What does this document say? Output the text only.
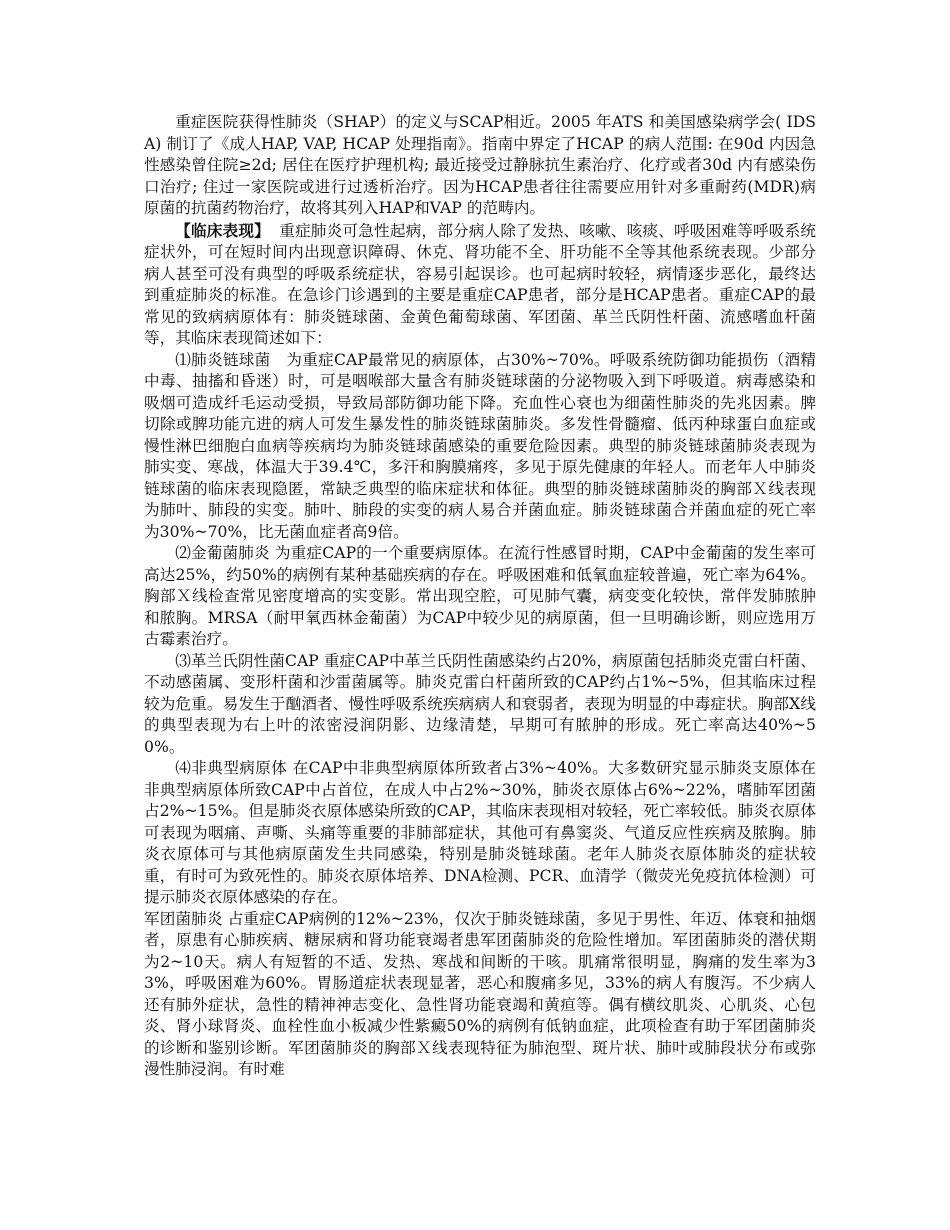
重症医院获得性肺炎（SHAP）的定义与SCAP相近。2005 年ATS 和美国感染病学会( IDSA) 制订了《成人HAP, VAP, HCAP 处理指南》。指南中界定了HCAP 的病人范围: 在90d 内因急性感染曾住院≥2d; 居住在医疗护理机构; 最近接受过静脉抗生素治疗、化疗或者30d 内有感染伤口治疗; 住过一家医院或进行过透析治疗。因为HCAP患者往往需要应用针对多重耐药(MDR)病原菌的抗菌药物治疗，故将其列入HAP和VAP 的范畴内。

【临床表现】 重症肺炎可急性起病，部分病人除了发热、咳嗽、咳痰、呼吸困难等呼吸系统症状外，可在短时间内出现意识障碍、休克、肾功能不全、肝功能不全等其他系统表现。少部分病人甚至可没有典型的呼吸系统症状，容易引起误诊。也可起病时较轻，病情逐步恶化，最终达到重症肺炎的标准。在急诊门诊遇到的主要是重症CAP患者，部分是HCAP患者。重症CAP的最常见的致病病原体有：肺炎链球菌、金黄色葡萄球菌、军团菌、革兰氏阴性杆菌、流感嗜血杆菌等，其临床表现简述如下：

⑴肺炎链球菌　为重症CAP最常见的病原体，占30%~70%。呼吸系统防御功能损伤（酒精中毒、抽搐和昏迷）时，可是咽喉部大量含有肺炎链球菌的分泌物吸入到下呼吸道。病毒感染和吸烟可造成纤毛运动受损，导致局部防御功能下降。充血性心衰也为细菌性肺炎的先兆因素。脾切除或脾功能亢进的病人可发生暴发性的肺炎链球菌肺炎。多发性骨髓瘤、低丙种球蛋白血症或慢性淋巴细胞白血病等疾病均为肺炎链球菌感染的重要危险因素。典型的肺炎链球菌肺炎表现为肺实变、寒战，体温大于39.4℃，多汗和胸膜痛疼，多见于原先健康的年轻人。而老年人中肺炎链球菌的临床表现隐匿，常缺乏典型的临床症状和体征。典型的肺炎链球菌肺炎的胸部Ｘ线表现为肺叶、肺段的实变。肺叶、肺段的实变的病人易合并菌血症。肺炎链球菌合并菌血症的死亡率为30%~70%，比无菌血症者高9倍。

⑵金葡菌肺炎 为重症CAP的一个重要病原体。在流行性感冒时期，CAP中金葡菌的发生率可高达25%，约50%的病例有某种基础疾病的存在。呼吸困难和低氧血症较普遍，死亡率为64%。胸部Ｘ线检查常见密度增高的实变影。常出现空腔，可见肺气囊，病变变化较快，常伴发肺脓肿和脓胸。MRSA（耐甲氧西林金葡菌）为CAP中较少见的病原菌，但一旦明确诊断，则应选用万古霉素治疗。

⑶革兰氏阴性菌CAP 重症CAP中革兰氏阴性菌感染约占20%，病原菌包括肺炎克雷白杆菌、不动感菌属、变形杆菌和沙雷菌属等。肺炎克雷白杆菌所致的CAP约占1%~5%，但其临床过程较为危重。易发生于酗酒者、慢性呼吸系统疾病病人和衰弱者，表现为明显的中毒症状。胸部X线的典型表现为右上叶的浓密浸润阴影、边缘清楚，早期可有脓肿的形成。死亡率高达40%~50%。

⑷非典型病原体 在CAP中非典型病原体所致者占3%~40%。大多数研究显示肺炎支原体在非典型病原体所致CAP中占首位，在成人中占2%~30%，肺炎衣原体占6%~22%，嗜肺军团菌占2%~15%。但是肺炎衣原体感染所致的CAP，其临床表现相对较轻，死亡率较低。肺炎衣原体可表现为咽痛、声嘶、头痛等重要的非肺部症状，其他可有鼻窦炎、气道反应性疾病及脓胸。肺炎衣原体可与其他病原菌发生共同感染，特别是肺炎链球菌。老年人肺炎衣原体肺炎的症状较重，有时可为致死性的。肺炎衣原体培养、DNA检测、PCR、血清学（微荧光免疫抗体检测）可提示肺炎衣原体感染的存在。

军团菌肺炎 占重症CAP病例的12%~23%，仅次于肺炎链球菌，多见于男性、年迈、体衰和抽烟者，原患有心肺疾病、糖尿病和肾功能衰竭者患军团菌肺炎的危险性增加。军团菌肺炎的潜伏期为2~10天。病人有短暂的不适、发热、寒战和间断的干咳。肌痛常很明显，胸痛的发生率为33%，呼吸困难为60%。胃肠道症状表现显著，恶心和腹痛多见，33%的病人有腹泻。不少病人还有肺外症状，急性的精神神志变化、急性肾功能衰竭和黄疸等。偶有横纹肌炎、心肌炎、心包炎、肾小球肾炎、血栓性血小板减少性紫癜50%的病例有低钠血症，此项检查有助于军团菌肺炎的诊断和鉴别诊断。军团菌肺炎的胸部Ｘ线表现特征为肺泡型、斑片状、肺叶或肺段状分布或弥漫性肺浸润。有时难
